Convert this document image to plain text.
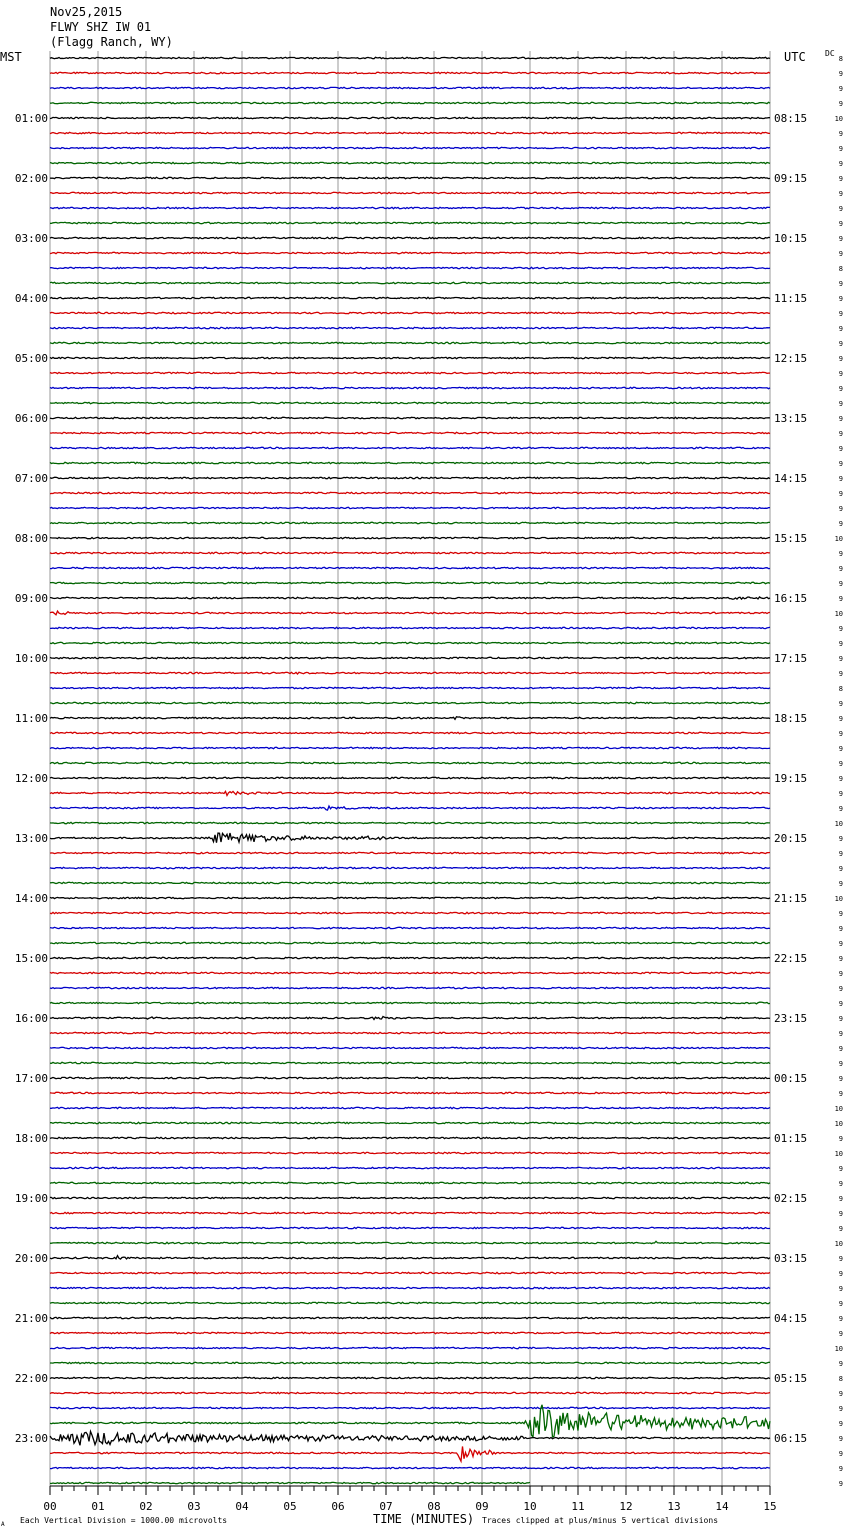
Nov25,2015
FLWY SHZ IW 01
(Flagg Ranch, WY)
MST	UTC DC
01:00
02:00
03:00
04:00
05:00
06:00
07:00
08:00
09:00
10:00
11:00
12:00
13:00
14:00
15:00
16:00
17:00
18:00
19:00
20:00
21:00
22:00
23:00
08:15
09:15
10:15
11:15
12:15
13:15
14:15
15:15
16:15
17:15
18:15
19:15
20:15
21:15
22:15
23:15
00:15
01:15
02:15
03:15
04:15
05:15
06:15
8
9
9
9
10
9
9
9
9
9
9
9
9
9
8
9
9
9
9
9
9
9
9
9
9
9
9
9
9
9
9
9
10
9
9
9
9
10
9
9
9
9
8
9
9
9
9
9
9
9
9
10
9
9
9
9
10
9
9
9
9
9
9
9
9
9
9
9
9
9
10
10
9
10
9
9
9
9
9
10
9
9
9
9
9
9
10
9
8
9
9
9
9
9
9
9
00	01	02	03	04	05	06	07	08	09	10	11	12	13	14	15
TIME (MINUTES)
Each Vertical Division = 1000.00 microvolts	Traces clipped at plus/minus 5 vertical divisions
A
